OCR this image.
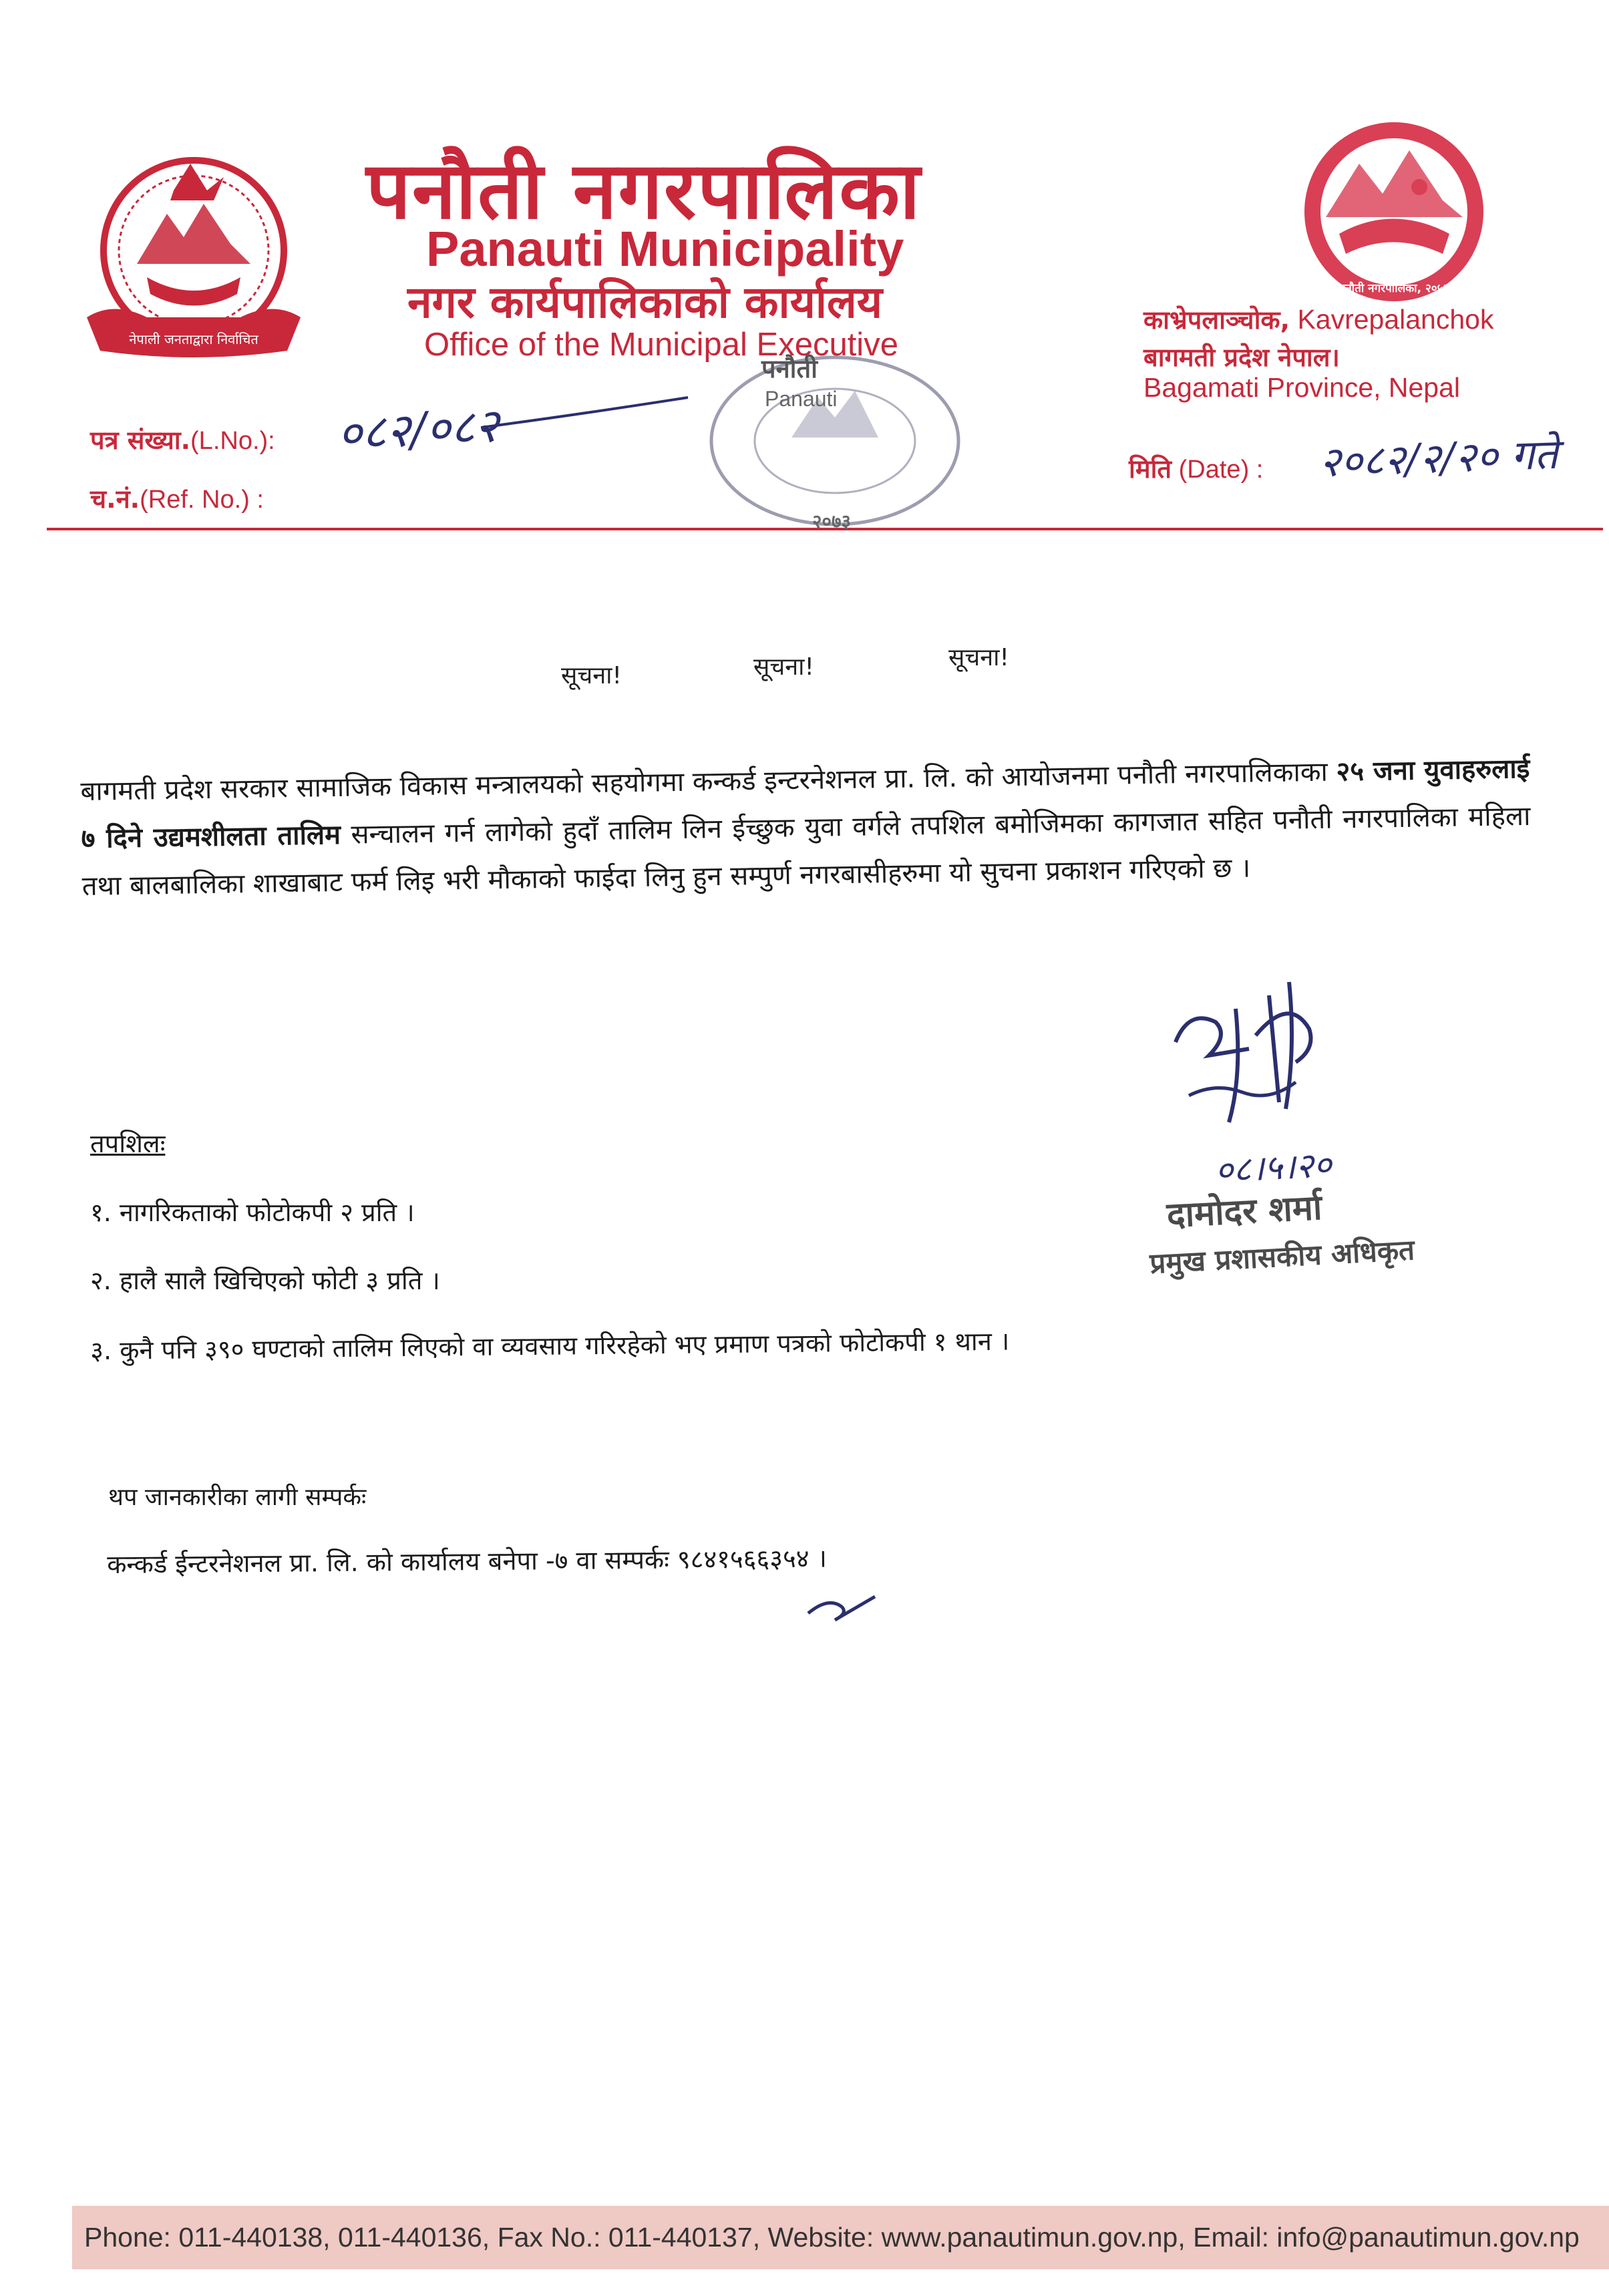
नेपाली जनताद्वारा निर्वाचित
पनौती नगरपालिका
Panauti Municipality
नगर कार्यपालिकाको कार्यालय
Office of the Municipal Executive
पनौती नगरपालिका, २०५३
काभ्रेपलाञ्चोक, Kavrepalanchok
बागमती प्रदेश नेपाल।
Bagamati Province, Nepal
पत्र संख्या.(L.No.): ०८२/०८२
च.नं.(Ref. No.) :
मिति (Date) : २०८२/२/२० गते
पनौती
Panauti
२०७३
सूचना!	सूचना!	सूचना!
बागमती प्रदेश सरकार सामाजिक विकास मन्त्रालयको सहयोगमा कन्कर्ड इन्टरनेशनल प्रा. लि. को आयोजनमा पनौती नगरपालिकाका २५ जना युवाहरुलाई ७ दिने उद्यमशीलता तालिम सन्चालन गर्न लागेको हुदाँ तालिम लिन ईच्छुक युवा वर्गले तपशिल बमोजिमका कागजात सहित पनौती नगरपालिका महिला तथा बालबालिका शाखाबाट फर्म लिइ भरी मौकाको फाईदा लिनु हुन सम्पुर्ण नगरबासीहरुमा यो सुचना प्रकाशन गरिएको छ ।
०८।५।२०
दामोदर शर्मा
प्रमुख प्रशासकीय अधिकृत
तपशिलः
१. नागरिकताको फोटोकपी २ प्रति ।
२. हालै सालै खिचिएको फोटी ३ प्रति ।
३. कुनै पनि ३९० घण्टाको तालिम लिएको वा व्यवसाय गरिरहेको भए प्रमाण पत्रको फोटोकपी १ थान ।
थप जानकारीका लागी सम्पर्कः
कन्कर्ड ईन्टरनेशनल प्रा. लि. को कार्यालय बनेपा -७ वा सम्पर्कः ९८४१५६६३५४ ।
Phone: 011-440138, 011-440136, Fax No.: 011-440137, Website: www.panautimun.gov.np, Email: info@panautimun.gov.np
